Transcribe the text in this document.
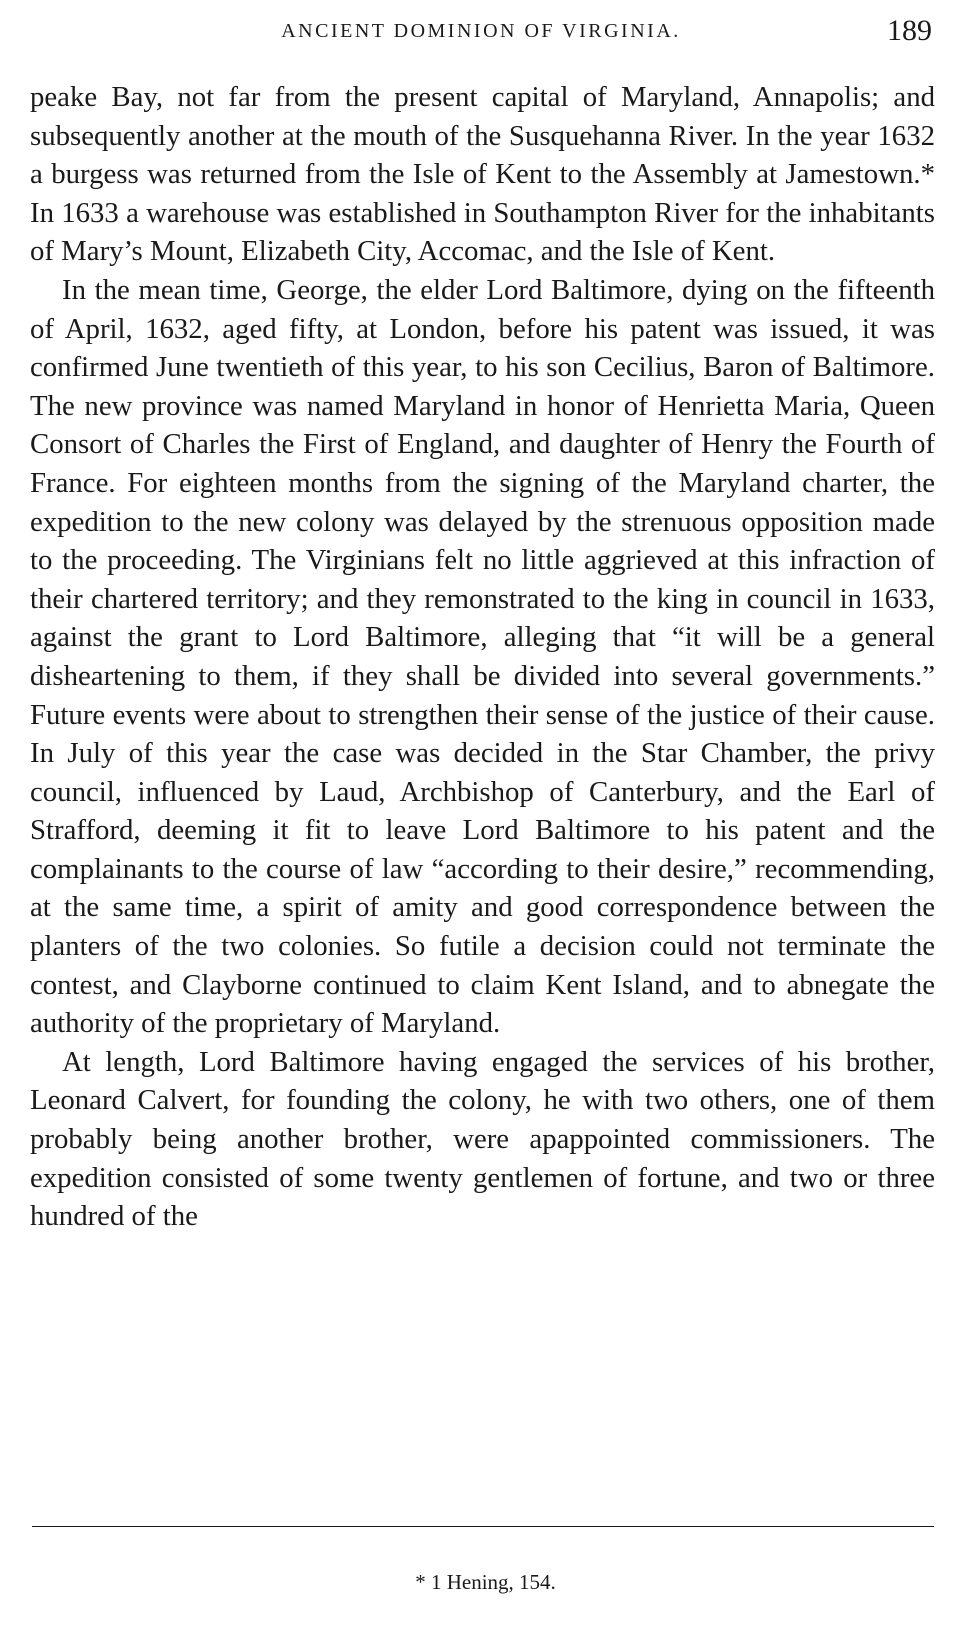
ANCIENT DOMINION OF VIRGINIA.	189

peake Bay, not far from the present capital of Maryland, Annapolis; and subsequently another at the mouth of the Susquehanna River. In the year 1632 a burgess was returned from the Isle of Kent to the Assembly at Jamestown.* In 1633 a warehouse was established in Southampton River for the inhabitants of Mary’s Mount, Elizabeth City, Accomac, and the Isle of Kent.

In the mean time, George, the elder Lord Baltimore, dying on the fifteenth of April, 1632, aged fifty, at London, before his patent was issued, it was confirmed June twentieth of this year, to his son Cecilius, Baron of Baltimore. The new province was named Maryland in honor of Henrietta Maria, Queen Consort of Charles the First of England, and daughter of Henry the Fourth of France. For eighteen months from the signing of the Maryland charter, the expedition to the new colony was delayed by the strenuous opposition made to the proceeding. The Virginians felt no little aggrieved at this infraction of their chartered territory; and they remonstrated to the king in council in 1633, against the grant to Lord Baltimore, alleging that “it will be a general disheartening to them, if they shall be divided into several governments.” Future events were about to strengthen their sense of the justice of their cause. In July of this year the case was decided in the Star Chamber, the privy council, influenced by Laud, Archbishop of Canterbury, and the Earl of Strafford, deeming it fit to leave Lord Baltimore to his patent and the complainants to the course of law “according to their desire,” recommending, at the same time, a spirit of amity and good correspondence between the planters of the two colonies. So futile a decision could not terminate the contest, and Clayborne continued to claim Kent Island, and to abnegate the authority of the proprietary of Maryland.

At length, Lord Baltimore having engaged the services of his brother, Leonard Calvert, for founding the colony, he with two others, one of them probably being another brother, were apappointed commissioners. The expedition consisted of some twenty gentlemen of fortune, and two or three hundred of the

* 1 Hening, 154.
